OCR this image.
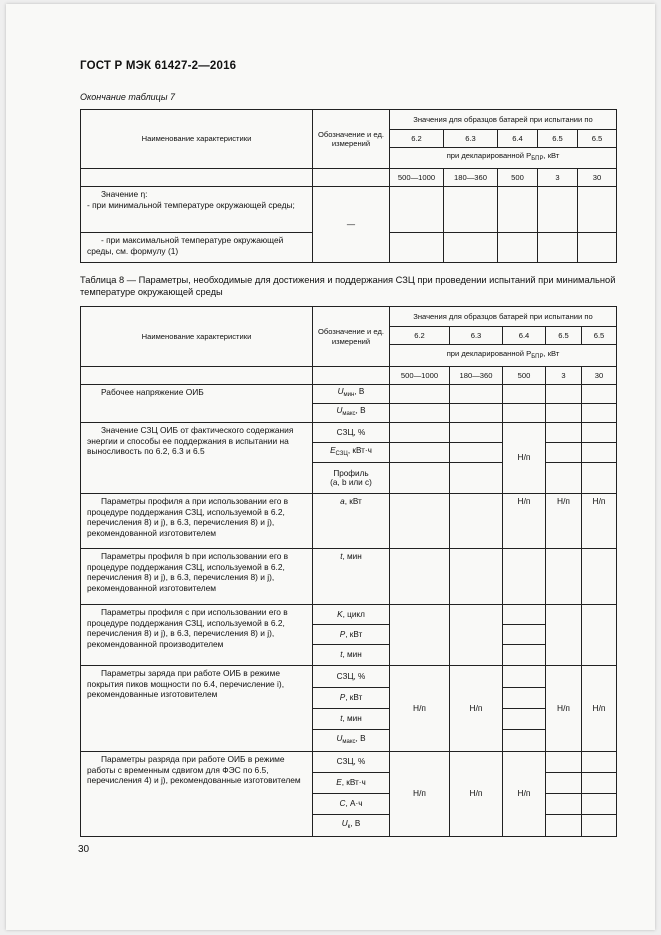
ГОСТ Р МЭК 61427-2—2016
Окончание таблицы 7
Наименование характеристики	Обозначение и ед. измерений	Значения для образцов батарей при испытании по				
		6.2	6.3	6.4	6.5	6.5
		при декларированной $P_{БПР}$, кВт				
		500—1000	180—360	500	3	30

Значение η:
- при минимальной температуре окружающей среды;	—					

- при максимальной температуре окружающей среды, см. формулу (1)						

Таблица 8 — Параметры, необходимые для достижения и поддержания СЗЦ при проведении испытаний при минимальной температуре окружающей среды
Наименование характеристики	Обозначение и ед. измерений	Значения для образцов батарей при испытании по				
		6.2	6.3	6.4	6.5	6.5
		при декларированной $P_{БПР}$, кВт				
		500—1000	180—360	500	3	30

Рабочее напряжение ОИБ	$U_{мин}$, В					
	$U_{макс}$, В					

Значение СЗЦ ОИБ от фактического содержания энергии и способы ее поддержания в испытании на выносливость по 6.2, 6.3 и 6.5	СЗЦ, %			Н/п		
	$E_{СЗЦ}$, кВт·ч					
	Профиль
(a, b или c)					

Параметры профиля a при использовании его в процедуре поддержания СЗЦ, используемой в 6.2, перечисления 8) и j), в 6.3, перечисления 8) и j), рекомендованной изготовителем	a, кВт			Н/п	Н/п	Н/п

Параметры профиля b при использовании его в процедуре поддержания СЗЦ, используемой в 6.2, перечисления 8) и j), в 6.3, перечисления 8) и j), рекомендованной изготовителем	t, мин					

Параметры профиля c при использовании его в процедуре поддержания СЗЦ, используемой в 6.2, перечисления 8) и j), в 6.3, перечисления 8) и j), рекомендованной производителем	K, цикл					
	P, кВт					
	t, мин					

Параметры заряда при работе ОИБ в режиме покрытия пиков мощности по 6.4, перечисление i), рекомендованные изготовителем	СЗЦ, %	Н/п	Н/п		Н/п	Н/п
	P, кВт					
	t, мин					
	$U_{макс}$, В					

Параметры разряда при работе ОИБ в режиме работы с временным сдвигом для ФЭС по 6.5, перечисления 4) и j), рекомендованные изготовителем	СЗЦ, %	Н/п	Н/п	Н/п		
	E, кВт·ч					
	C, А·ч					
	$U_к$, В					
30
